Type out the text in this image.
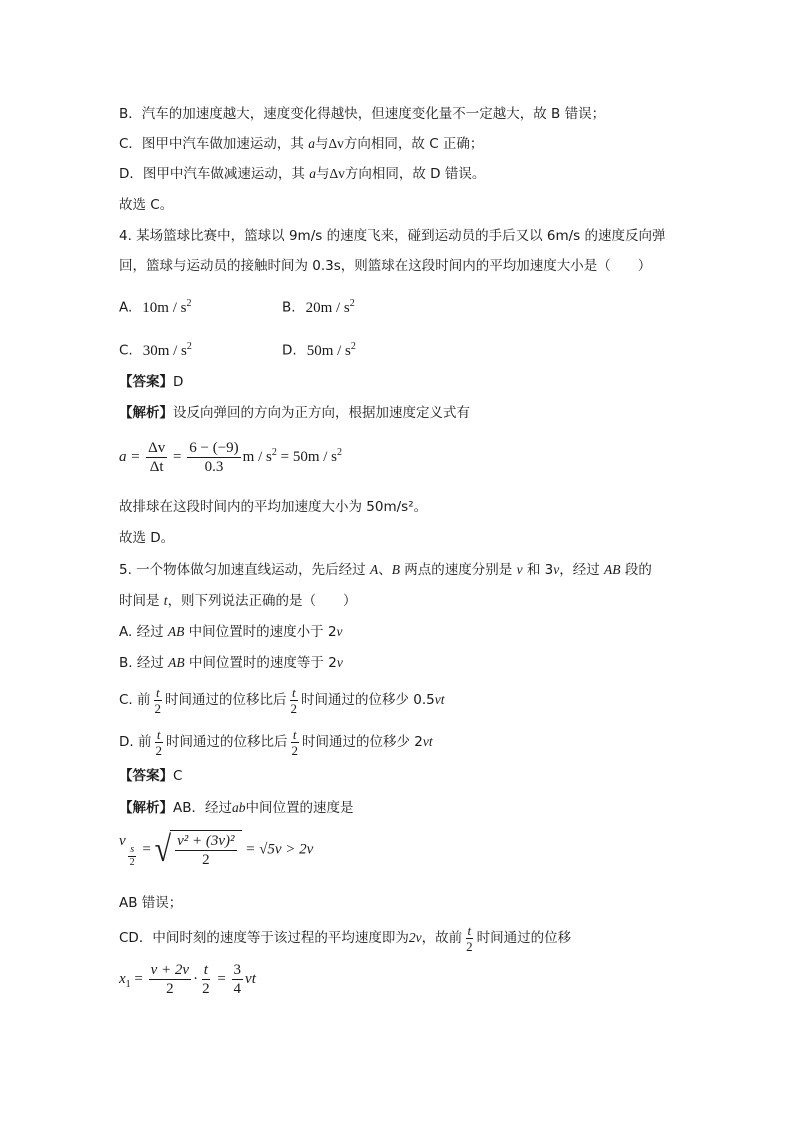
B．汽车的加速度越大，速度变化得越快，但速度变化量不一定越大，故 B 错误；
C．图甲中汽车做加速运动，其 a与Δv方向相同，故 C 正确；
D．图甲中汽车做减速运动，其 a与Δv方向相同，故 D 错误。
故选 C。
4. 某场篮球比赛中，篮球以 9m/s 的速度飞来，碰到运动员的手后又以 6m/s 的速度反向弹
回，篮球与运动员的接触时间为 0.3s，则篮球在这段时间内的平均加速度大小是（　　）
A. $10m / s^2$	B. $20m / s^2$
C. $30m / s^2$	D. $50m / s^2$
【答案】D
【解析】设反向弹回的方向为正方向，根据加速度定义式有
$a = \frac{\Delta v}{\Delta t} = \frac{6 - (-9)}{0.3}$ $m / s^2 = 50m / s^2$
故排球在这段时间内的平均加速度大小为 50m/s²。
故选 D。
5. 一个物体做匀加速直线运动，先后经过 A、B 两点的速度分别是 v 和 3v，经过 AB 段的
时间是 t，则下列说法正确的是（　　）
A. 经过 AB 中间位置时的速度小于 2v
B. 经过 AB 中间位置时的速度等于 2v
C. 前 $\frac{t}{2}$ 时间通过的位移比后 $\frac{t}{2}$ 时间通过的位移少 0.5vt
D. 前 $\frac{t}{2}$ 时间通过的位移比后 $\frac{t}{2}$ 时间通过的位移少 2vt
【答案】C
【解析】AB．经过ab中间位置的速度是
v
$\frac{s}{2}$ = √ $\frac{\text{v² + (3v)²}}{2} = √5v > 2v$
AB 错误；
CD．中间时刻的速度等于该过程的平均速度即为2v，故前 $\frac{t}{2}$ 时间通过的位移
$x_1 = \frac{v + 2v}{2} \cdot \frac{t}{2} = \frac{3}{4}$ vt
